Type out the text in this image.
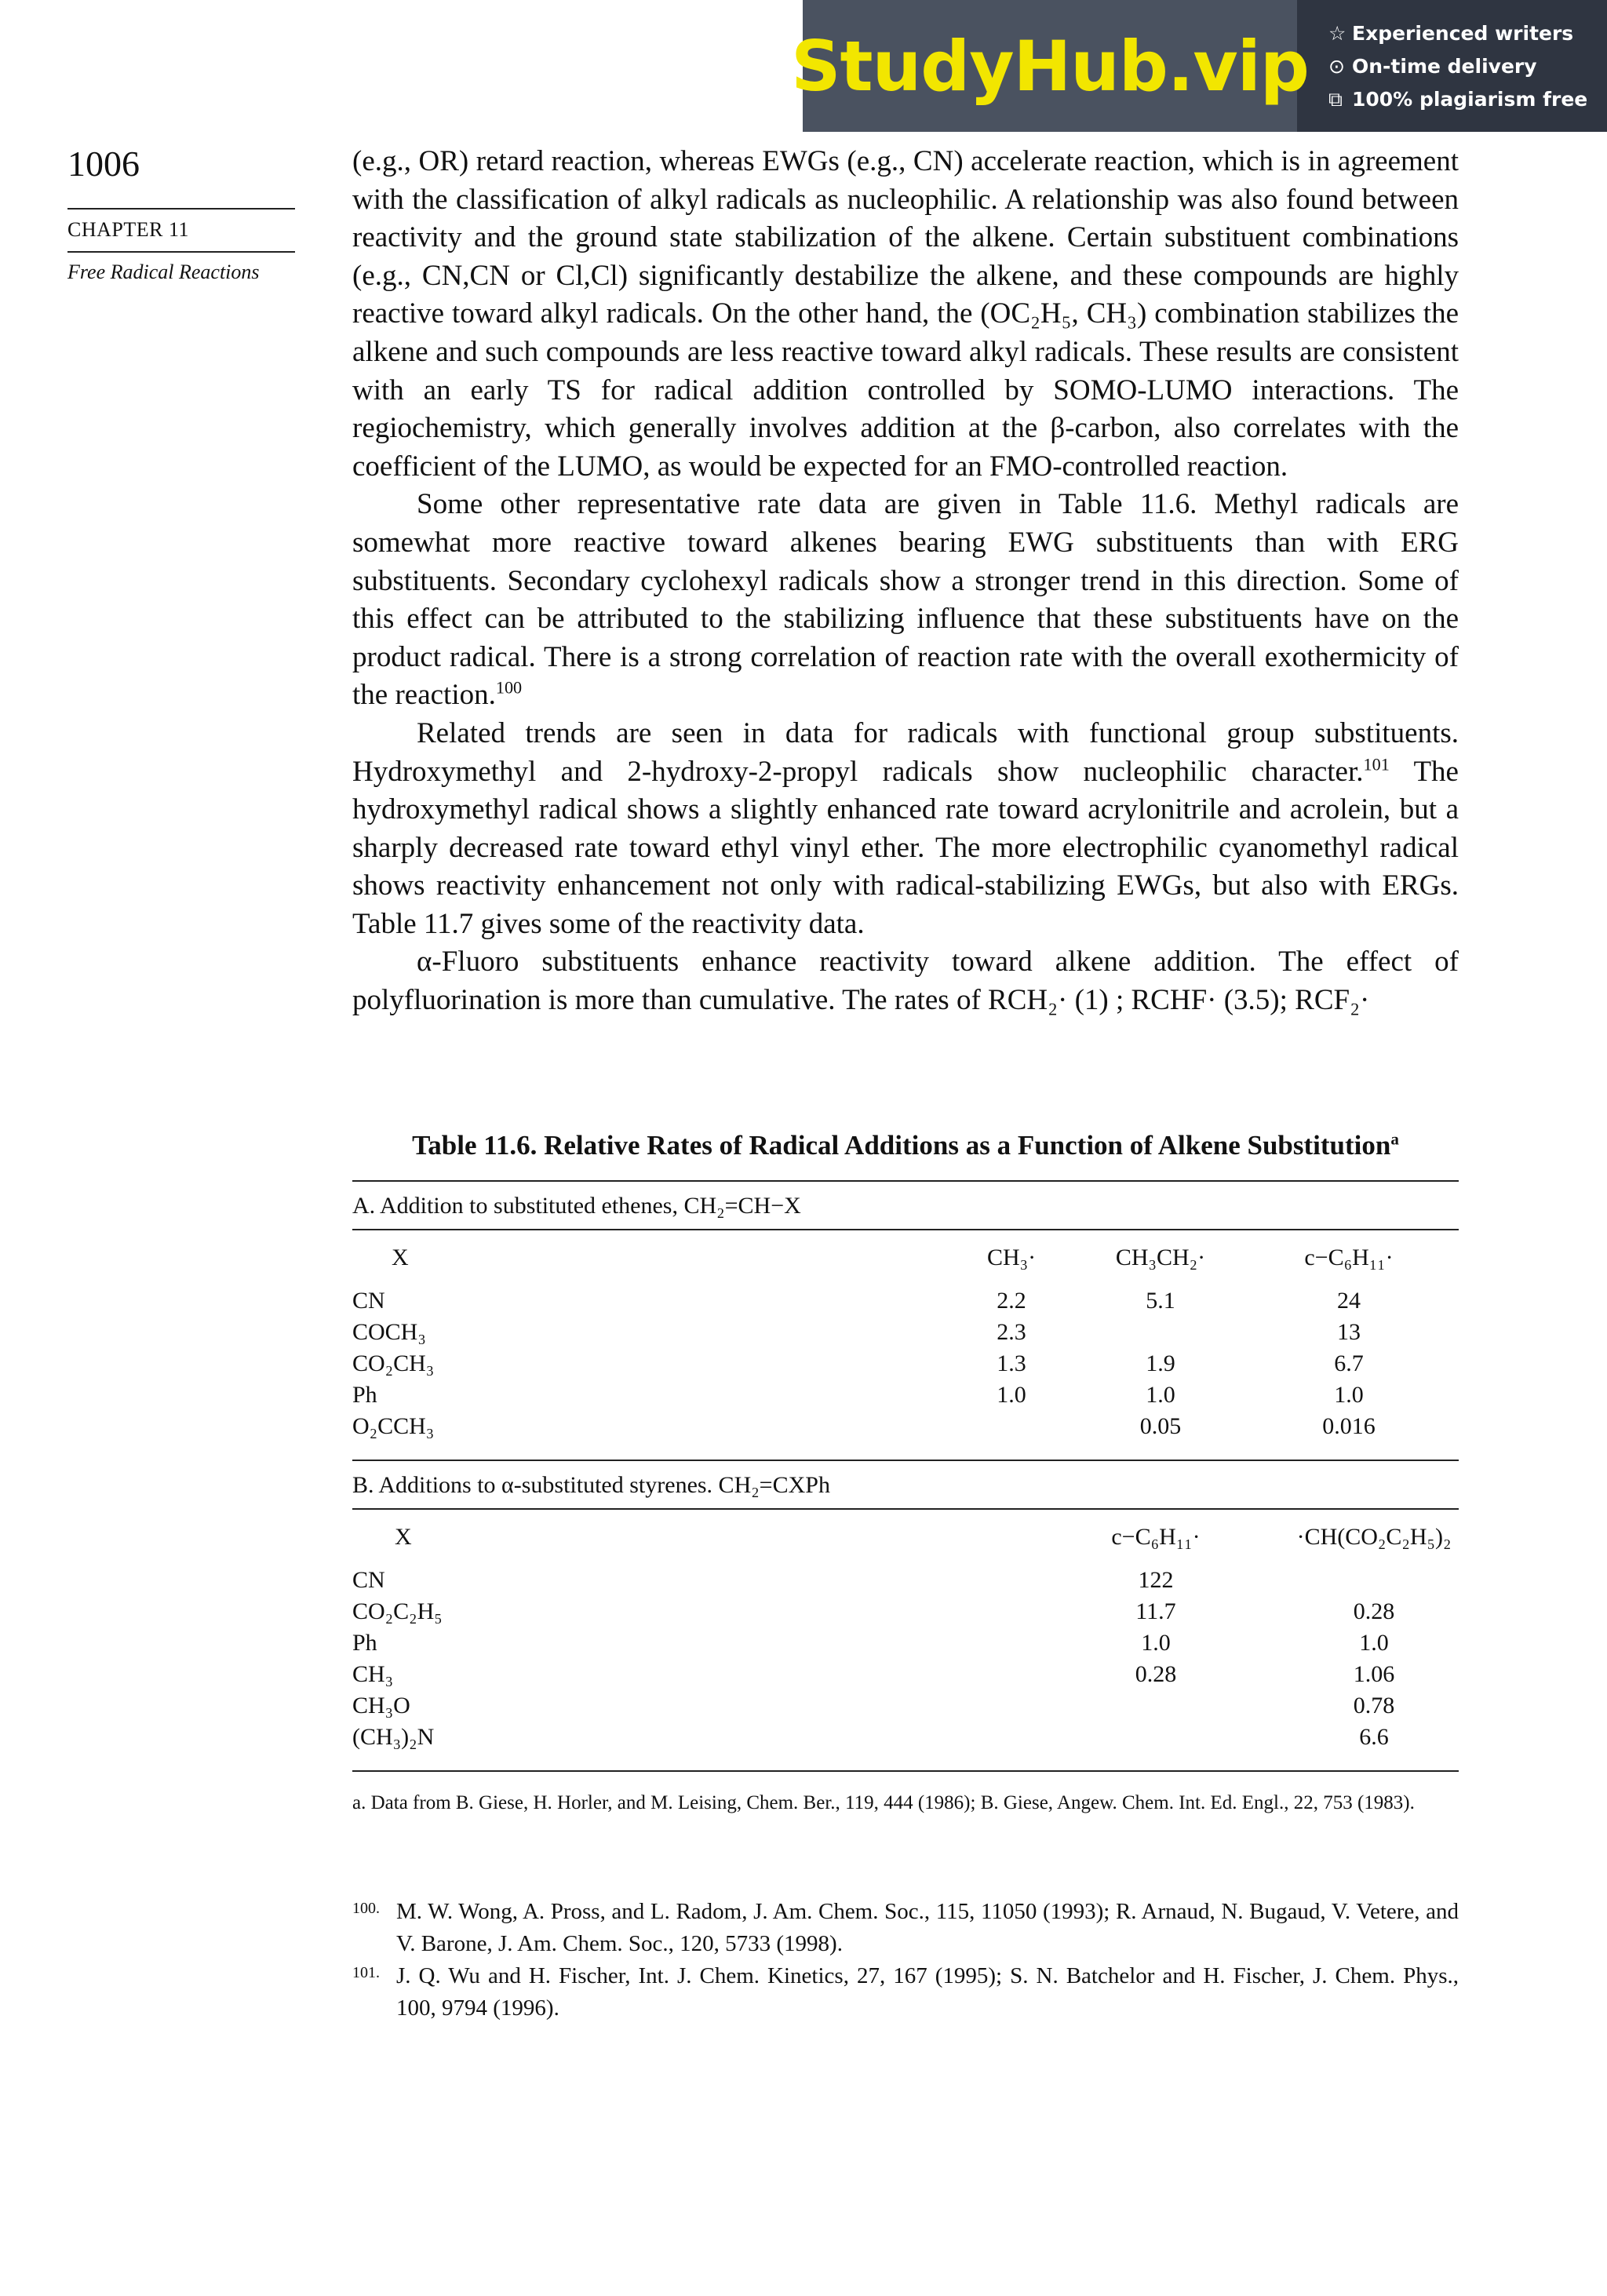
StudyHub.vip ☆ Experienced writers
⊙ On-time delivery
⧉ 100% plagiarism free
1006
CHAPTER 11
Free Radical Reactions

(e.g., OR) retard reaction, whereas EWGs (e.g., CN) accelerate reaction, which is in agreement with the classification of alkyl radicals as nucleophilic. A relationship was also found between reactivity and the ground state stabilization of the alkene. Certain substituent combinations (e.g., CN,CN or Cl,Cl) significantly destabilize the alkene, and these compounds are highly reactive toward alkyl radicals. On the other hand, the (OC₂H₅, CH₃) combination stabilizes the alkene and such compounds are less reactive toward alkyl radicals. These results are consistent with an early TS for radical addition controlled by SOMO-LUMO interactions. The regiochemistry, which generally involves addition at the β-carbon, also correlates with the coefficient of the LUMO, as would be expected for an FMO-controlled reaction.

Some other representative rate data are given in Table 11.6. Methyl radicals are somewhat more reactive toward alkenes bearing EWG substituents than with ERG substituents. Secondary cyclohexyl radicals show a stronger trend in this direction. Some of this effect can be attributed to the stabilizing influence that these substituents have on the product radical. There is a strong correlation of reaction rate with the overall exothermicity of the reaction.$^{100}$

Related trends are seen in data for radicals with functional group substituents. Hydroxymethyl and 2-hydroxy-2-propyl radicals show nucleophilic character.$^{101}$ The hydroxymethyl radical shows a slightly enhanced rate toward acrylonitrile and acrolein, but a sharply decreased rate toward ethyl vinyl ether. The more electrophilic cyanomethyl radical shows reactivity enhancement not only with radical-stabilizing EWGs, but also with ERGs. Table 11.7 gives some of the reactivity data.

α-Fluoro substituents enhance reactivity toward alkene addition. The effect of polyfluorination is more than cumulative. The rates of RCH₂· (1) ; RCHF· (3.5); RCF₂·

Table 11.6. Relative Rates of Radical Additions as a Function of Alkene Substitution$^a$
A. Addition to substituted ethenes, CH₂=CH−X
X	CH₃·	CH₃CH₂·	c−C₆H₁₁·
CN	2.2	5.1	24
COCH₃	2.3		13
CO₂CH₃	1.3	1.9	6.7
Ph	1.0	1.0	1.0
O₂CCH₃		0.05	0.016

B. Additions to α-substituted styrenes. CH₂=CXPh
X	c−C₆H₁₁·	·CH(CO₂C₂H₅)₂
CN	122	
CO₂C₂H₅	11.7	0.28
Ph	1.0	1.0
CH₃	0.28	1.06
CH₃O		0.78
(CH₃)₂N		6.6

a. Data from B. Giese, H. Horler, and M. Leising, Chem. Ber., 119, 444 (1986); B. Giese, Angew. Chem. Int. Ed. Engl., 22, 753 (1983).
100. M. W. Wong, A. Pross, and L. Radom, J. Am. Chem. Soc., 115, 11050 (1993); R. Arnaud, N. Bugaud, V. Vetere, and V. Barone, J. Am. Chem. Soc., 120, 5733 (1998).
101. J. Q. Wu and H. Fischer, Int. J. Chem. Kinetics, 27, 167 (1995); S. N. Batchelor and H. Fischer, J. Chem. Phys., 100, 9794 (1996).
